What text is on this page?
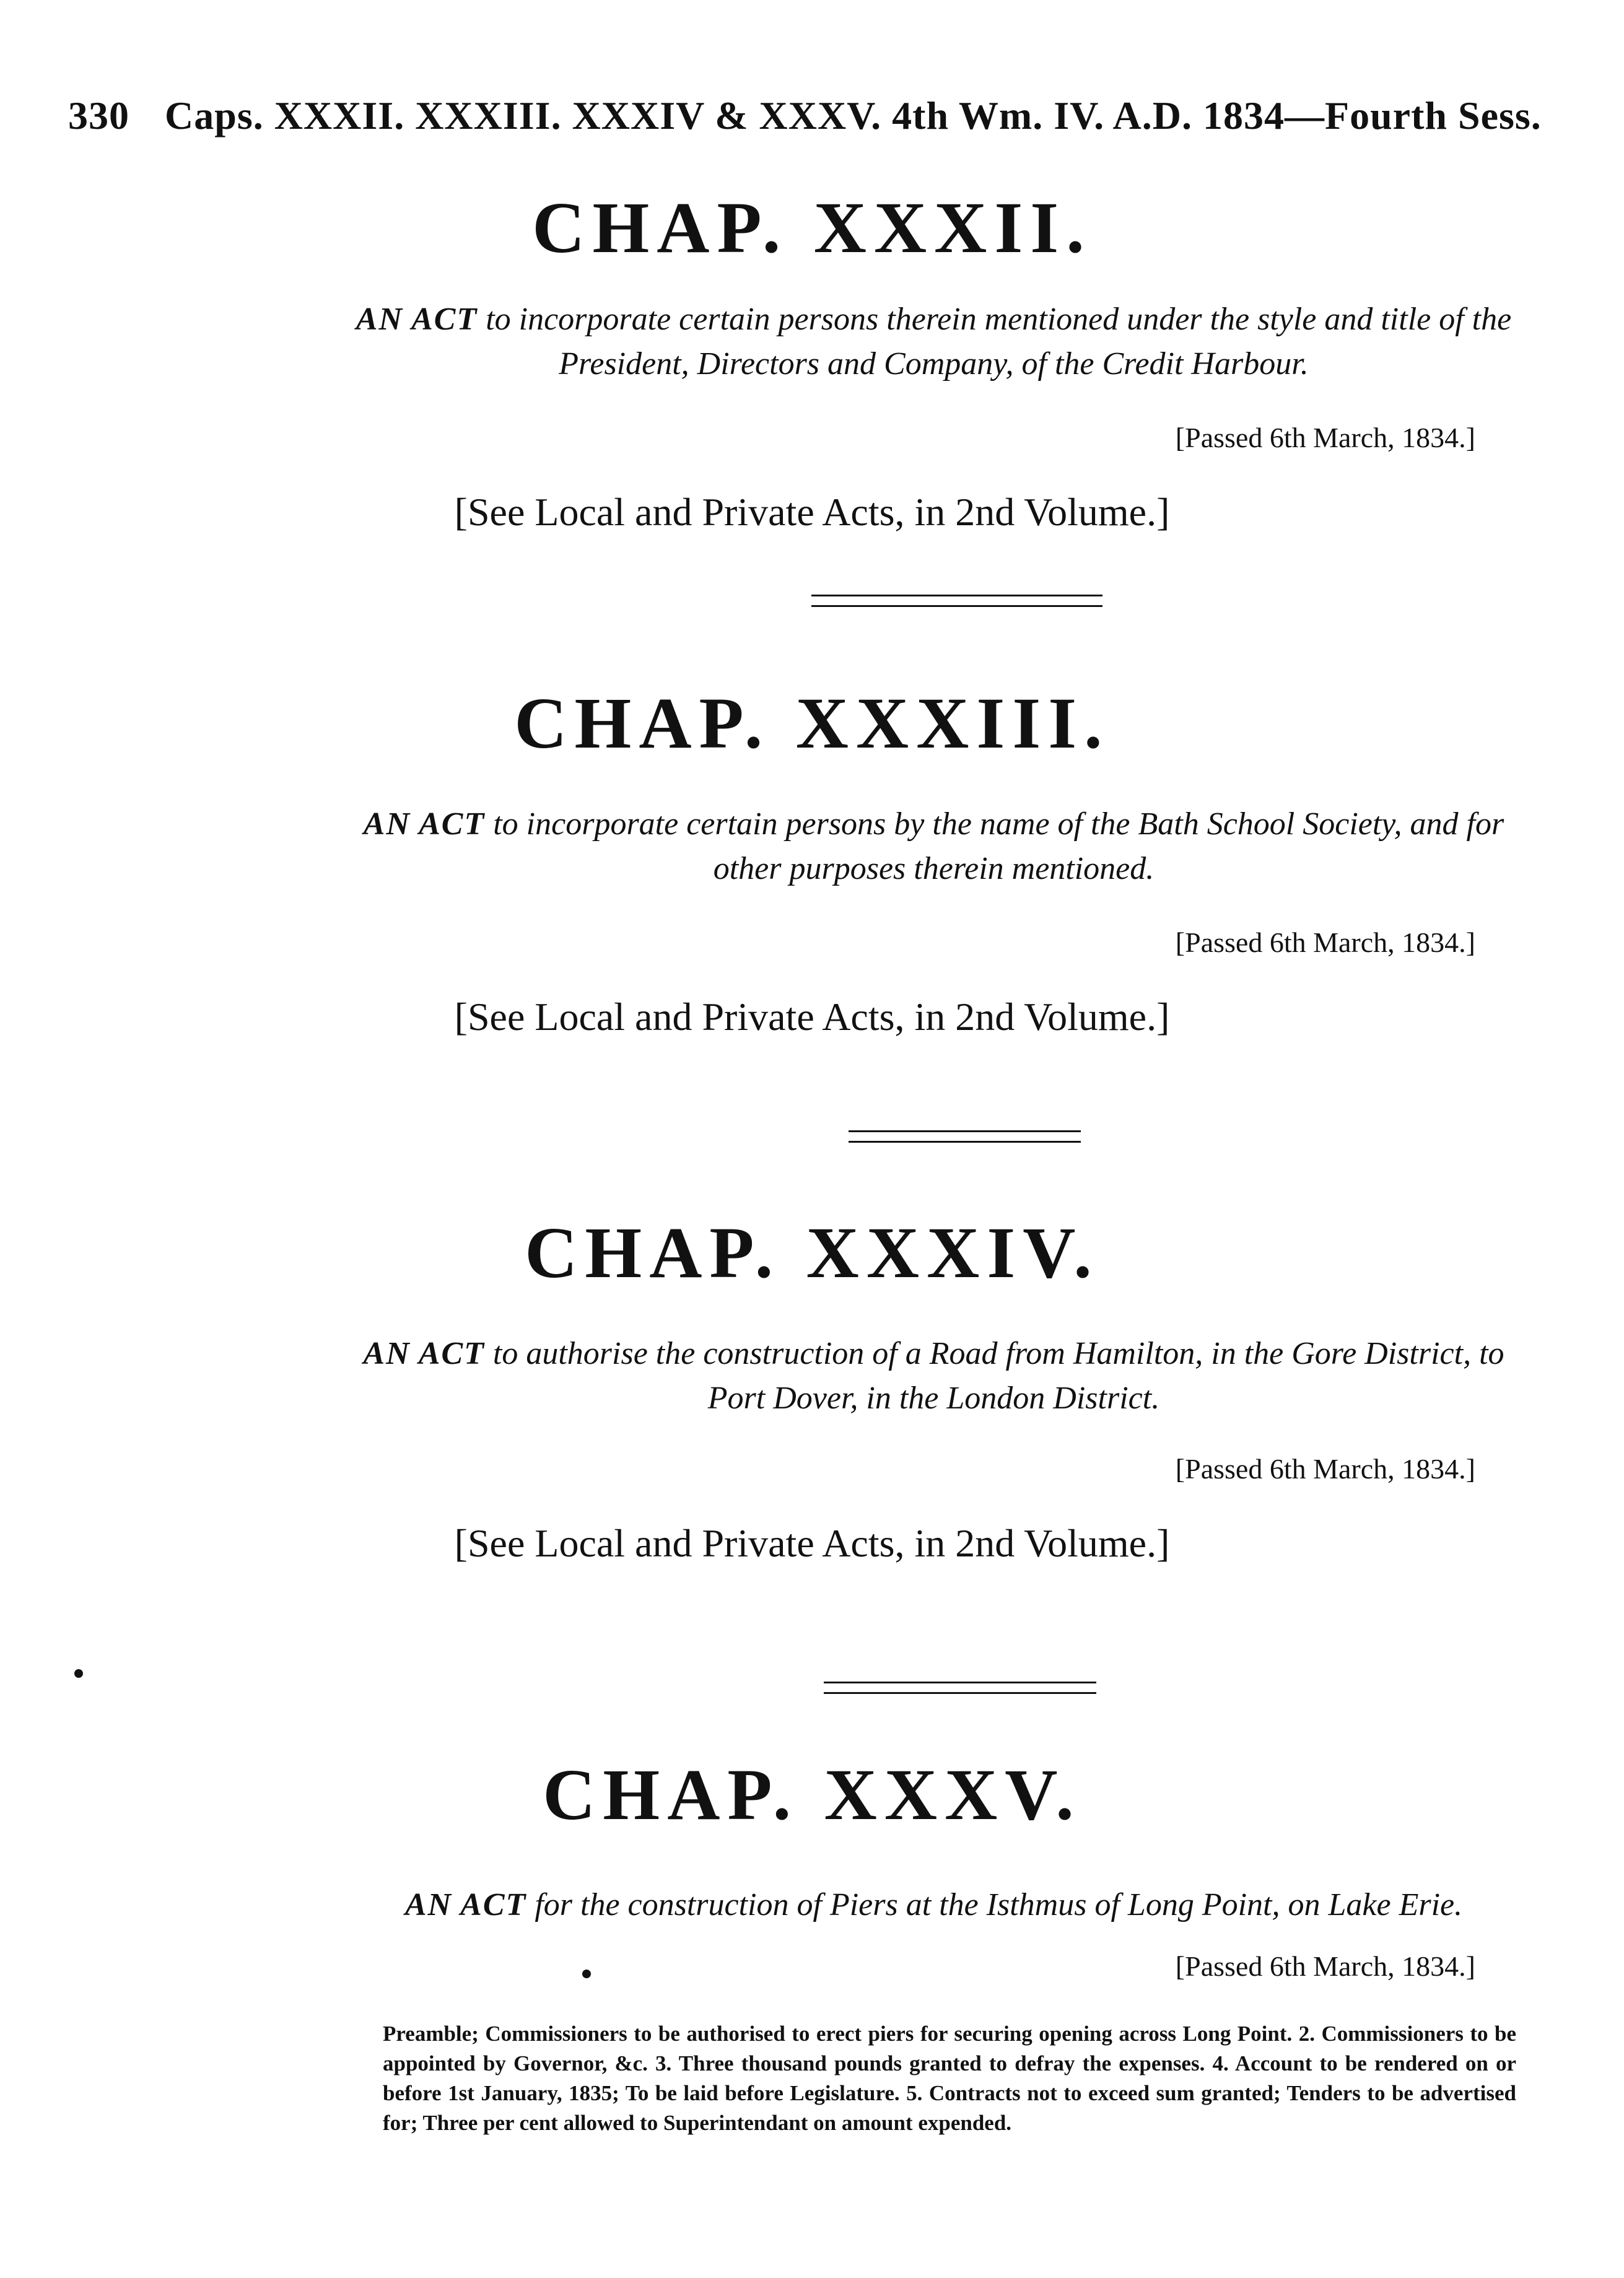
330 Caps. XXXII. XXXIII. XXXIV & XXXV. 4th Wm. IV. A.D. 1834—Fourth Sess.
CHAP. XXXII.
AN ACT to incorporate certain persons therein mentioned under the style and title of the President, Directors and Company, of the Credit Harbour.
[Passed 6th March, 1834.]
[See Local and Private Acts, in 2nd Volume.]
CHAP. XXXIII.
AN ACT to incorporate certain persons by the name of the Bath School Society, and for other purposes therein mentioned.
[Passed 6th March, 1834.]
[See Local and Private Acts, in 2nd Volume.]
CHAP. XXXIV.
AN ACT to authorise the construction of a Road from Hamilton, in the Gore District, to Port Dover, in the London District.
[Passed 6th March, 1834.]
[See Local and Private Acts, in 2nd Volume.]
CHAP. XXXV.
AN ACT for the construction of Piers at the Isthmus of Long Point, on Lake Erie.
[Passed 6th March, 1834.]
Preamble; Commissioners to be authorised to erect piers for securing opening across Long Point. 2. Commissioners to be appointed by Governor, &c. 3. Three thousand pounds granted to defray the expenses. 4. Account to be rendered on or before 1st January, 1835; To be laid before Legislature. 5. Contracts not to exceed sum granted; Tenders to be advertised for; Three per cent allowed to Superintendant on amount expended.
